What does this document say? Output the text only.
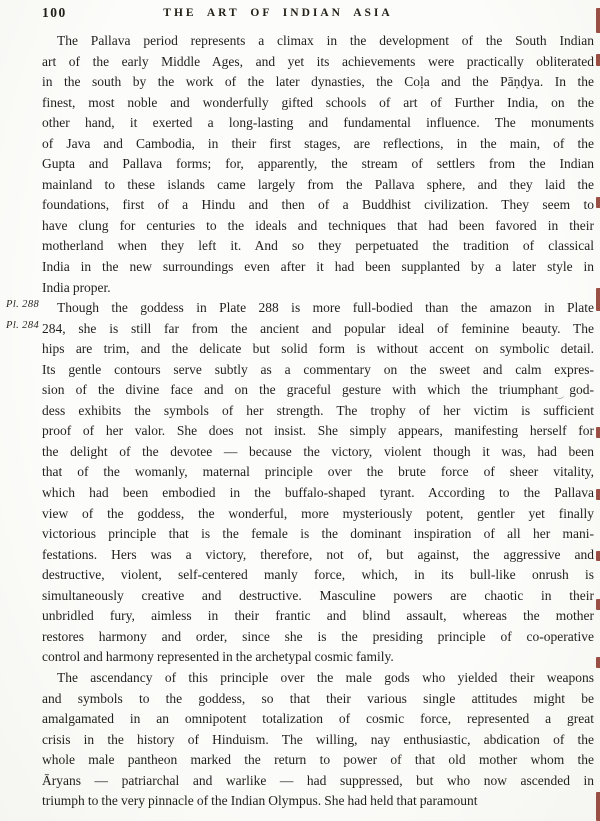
100	THE ART OF INDIAN ASIA
Pl. 288
Pl. 284
The Pallava period represents a climax in the development of the South Indian
art of the early Middle Ages, and yet its achievements were practically obliterated
in the south by the work of the later dynasties, the Coḷa and the Pāṇḍya. In the
finest, most noble and wonderfully gifted schools of art of Further India, on the
other hand, it exerted a long-lasting and fundamental influence. The monuments
of Java and Cambodia, in their first stages, are reflections, in the main, of the
Gupta and Pallava forms; for, apparently, the stream of settlers from the Indian
mainland to these islands came largely from the Pallava sphere, and they laid the
foundations, first of a Hindu and then of a Buddhist civilization. They seem to
have clung for centuries to the ideals and techniques that had been favored in their
motherland when they left it. And so they perpetuated the tradition of classical
India in the new surroundings even after it had been supplanted by a later style in
India proper.
Though the goddess in Plate 288 is more full-bodied than the amazon in Plate
284, she is still far from the ancient and popular ideal of feminine beauty. The
hips are trim, and the delicate but solid form is without accent on symbolic detail.
Its gentle contours serve subtly as a commentary on the sweet and calm expres-
sion of the divine face and on the graceful gesture with which the triumphant god-
dess exhibits the symbols of her strength. The trophy of her victim is sufficient
proof of her valor. She does not insist. She simply appears, manifesting herself for
the delight of the devotee — because the victory, violent though it was, had been
that of the womanly, maternal principle over the brute force of sheer vitality,
which had been embodied in the buffalo-shaped tyrant. According to the Pallava
view of the goddess, the wonderful, more mysteriously potent, gentler yet finally
victorious principle that is the female is the dominant inspiration of all her mani-
festations. Hers was a victory, therefore, not of, but against, the aggressive and
destructive, violent, self-centered manly force, which, in its bull-like onrush is
simultaneously creative and destructive. Masculine powers are chaotic in their
unbridled fury, aimless in their frantic and blind assault, whereas the mother
restores harmony and order, since she is the presiding principle of co-operative
control and harmony represented in the archetypal cosmic family.
The ascendancy of this principle over the male gods who yielded their weapons
and symbols to the goddess, so that their various single attitudes might be
amalgamated in an omnipotent totalization of cosmic force, represented a great
crisis in the history of Hinduism. The willing, nay enthusiastic, abdication of the
whole male pantheon marked the return to power of that old mother whom the
Āryans — patriarchal and warlike — had suppressed, but who now ascended in
triumph to the very pinnacle of the Indian Olympus. She had held that paramount
